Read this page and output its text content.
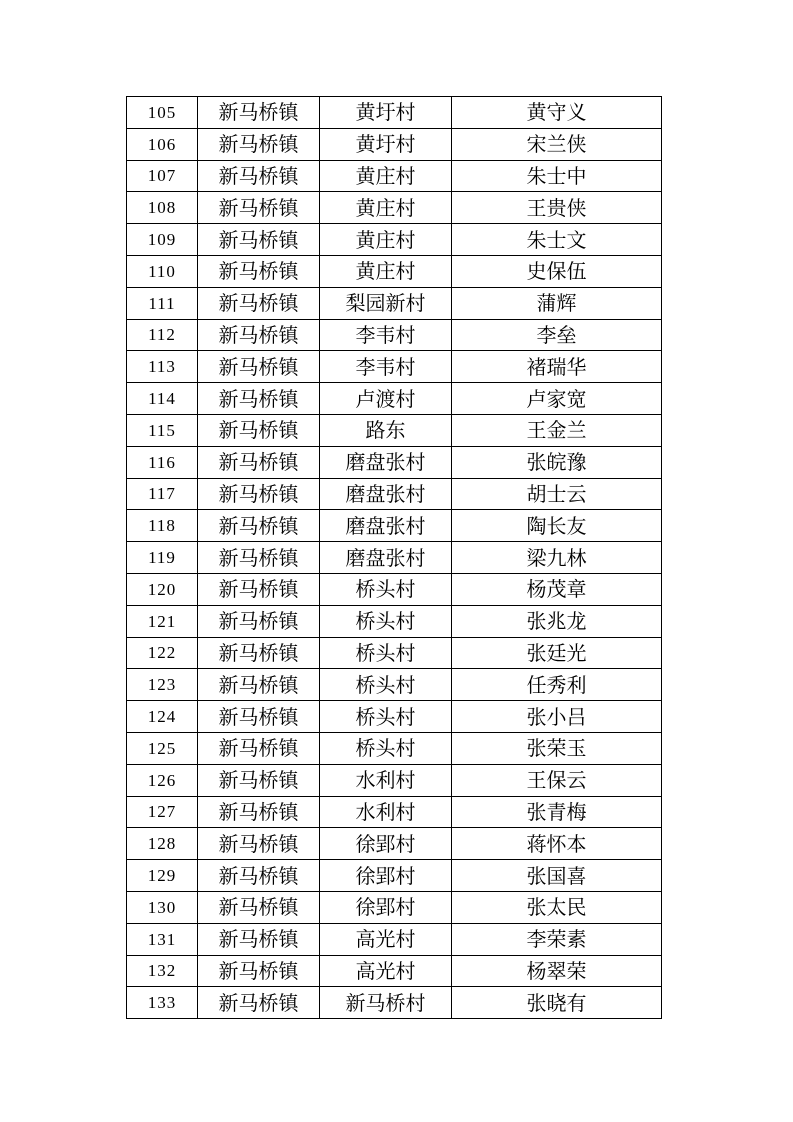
105	新马桥镇	黄圩村	黄守义
106	新马桥镇	黄圩村	宋兰侠
107	新马桥镇	黄庄村	朱士中
108	新马桥镇	黄庄村	王贵侠
109	新马桥镇	黄庄村	朱士文
110	新马桥镇	黄庄村	史保伍
111	新马桥镇	梨园新村	蒲辉
112	新马桥镇	李韦村	李垒
113	新马桥镇	李韦村	褚瑞华
114	新马桥镇	卢渡村	卢家宽
115	新马桥镇	路东	王金兰
116	新马桥镇	磨盘张村	张皖豫
117	新马桥镇	磨盘张村	胡士云
118	新马桥镇	磨盘张村	陶长友
119	新马桥镇	磨盘张村	梁九林
120	新马桥镇	桥头村	杨茂章
121	新马桥镇	桥头村	张兆龙
122	新马桥镇	桥头村	张廷光
123	新马桥镇	桥头村	任秀利
124	新马桥镇	桥头村	张小吕
125	新马桥镇	桥头村	张荣玉
126	新马桥镇	水利村	王保云
127	新马桥镇	水利村	张青梅
128	新马桥镇	徐郢村	蒋怀本
129	新马桥镇	徐郢村	张国喜
130	新马桥镇	徐郢村	张太民
131	新马桥镇	高光村	李荣素
132	新马桥镇	高光村	杨翠荣
133	新马桥镇	新马桥村	张晓有
